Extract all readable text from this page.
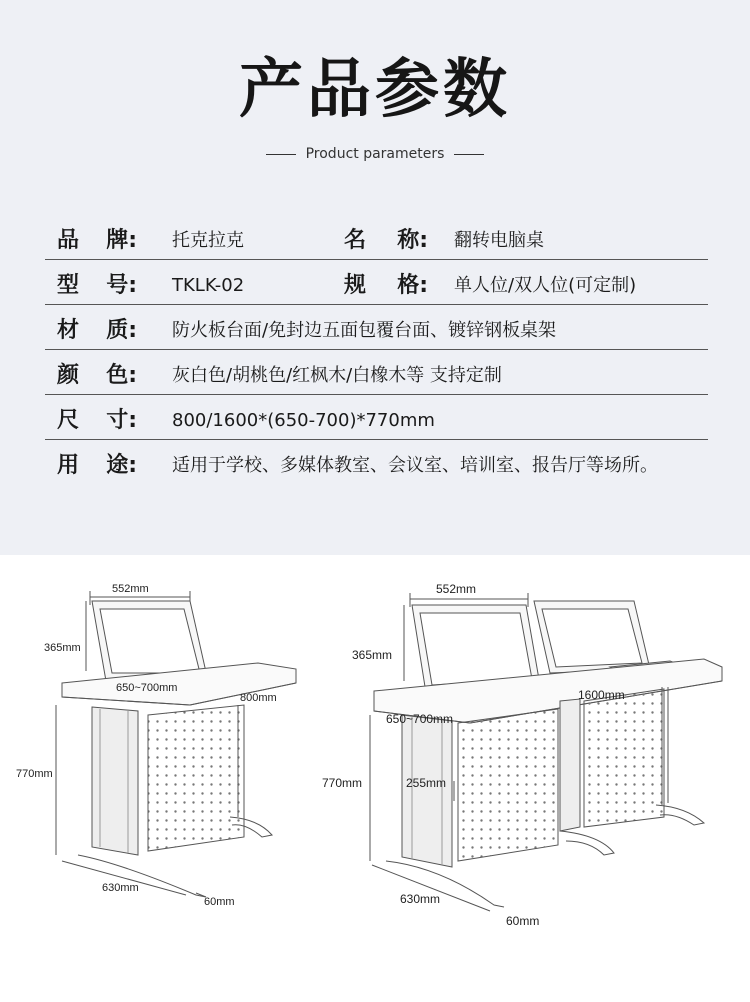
产品参数
Product parameters
品 牌: 托克拉克	名 称: 翻转电脑桌
型 号: TKLK-02	规 格: 单人位/双人位(可定制)
材 质: 防火板台面/免封边五面包覆台面、镀锌钢板桌架
颜 色: 灰白色/胡桃色/红枫木/白橡木等 支持定制
尺 寸: 800/1600*(650-700)*770mm
用 途: 适用于学校、多媒体教室、会议室、培训室、报告厅等场所。
552mm
365mm
650~700mm
800mm
770mm
630mm
60mm
552mm
365mm
1600mm
650~700mm
770mm	255mm
630mm
60mm
